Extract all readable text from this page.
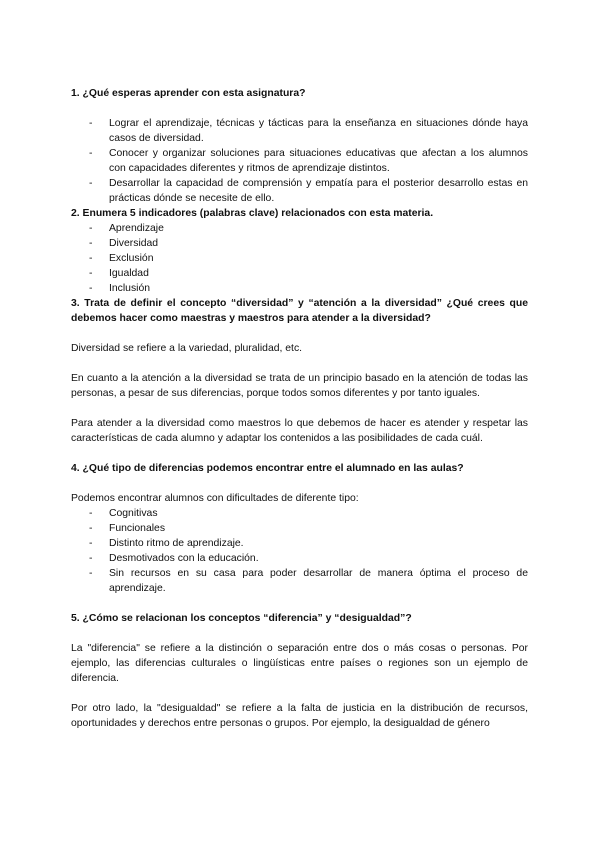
1. ¿Qué esperas aprender con esta asignatura?
- Lograr el aprendizaje, técnicas y tácticas para la enseñanza en situaciones dónde haya casos de diversidad.
- Conocer y organizar soluciones para situaciones educativas que afectan a los alumnos con capacidades diferentes y ritmos de aprendizaje distintos.
- Desarrollar la capacidad de comprensión y empatía para el posterior desarrollo estas en prácticas dónde se necesite de ello.
2. Enumera 5 indicadores (palabras clave) relacionados con esta materia.
- Aprendizaje
- Diversidad
- Exclusión
- Igualdad
- Inclusión
3. Trata de definir el concepto “diversidad” y “atención a la diversidad” ¿Qué crees que debemos hacer como maestras y maestros para atender a la diversidad?

Diversidad se refiere a la variedad, pluralidad, etc.

En cuanto a la atención a la diversidad se trata de un principio basado en la atención de todas las personas, a pesar de sus diferencias, porque todos somos diferentes y por tanto iguales.

Para atender a la diversidad como maestros lo que debemos de hacer es atender y respetar las características de cada alumno y adaptar los contenidos a las posibilidades de cada cuál.

4. ¿Qué tipo de diferencias podemos encontrar entre el alumnado en las aulas?

Podemos encontrar alumnos con dificultades de diferente tipo:

- Cognitivas
- Funcionales
- Distinto ritmo de aprendizaje.
- Desmotivados con la educación.
- Sin recursos en su casa para poder desarrollar de manera óptima el proceso de aprendizaje.
5. ¿Cómo se relacionan los conceptos “diferencia” y “desigualdad”?

La "diferencia" se refiere a la distinción o separación entre dos o más cosas o personas. Por ejemplo, las diferencias culturales o lingüísticas entre países o regiones son un ejemplo de diferencia.

Por otro lado, la "desigualdad" se refiere a la falta de justicia en la distribución de recursos, oportunidades y derechos entre personas o grupos. Por ejemplo, la desigualdad de género
